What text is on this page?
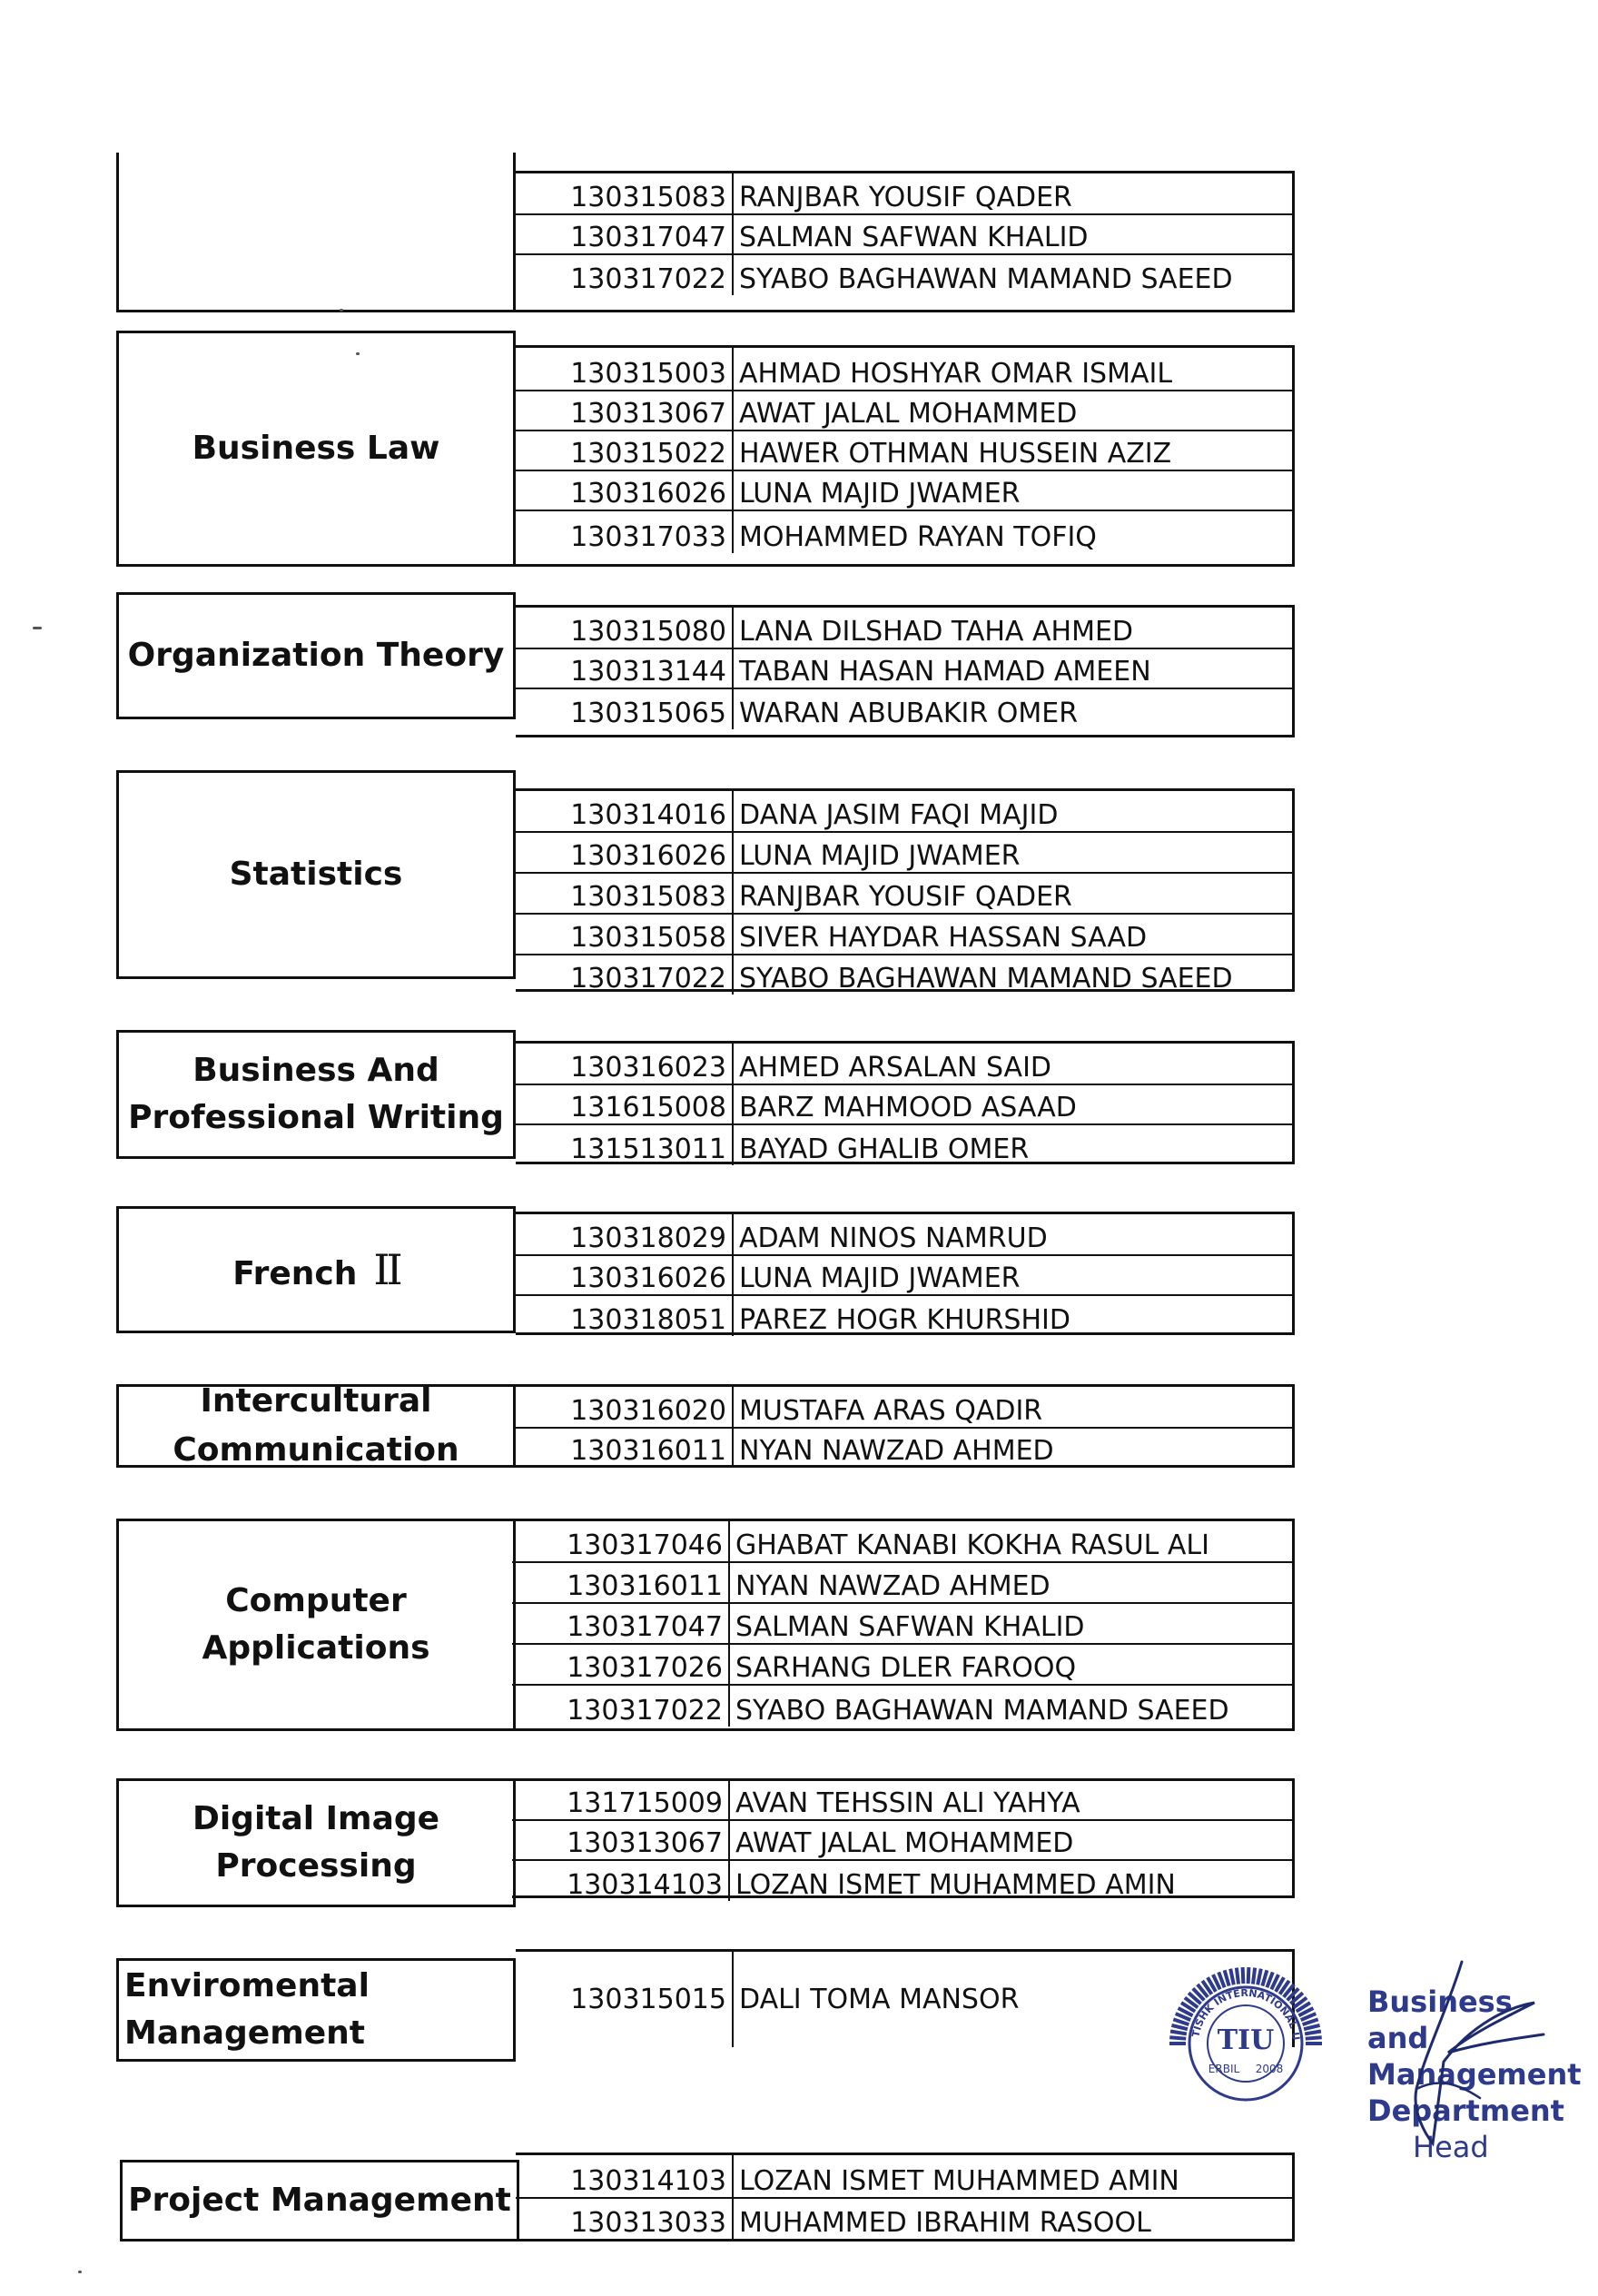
130315083 RANJBAR YOUSIF QADER
130317047 SALMAN SAFWAN KHALID
130317022 SYABO BAGHAWAN MAMAND SAEED
Business Law
130315003 AHMAD HOSHYAR OMAR ISMAIL
130313067 AWAT JALAL MOHAMMED
130315022 HAWER OTHMAN HUSSEIN AZIZ
130316026 LUNA MAJID JWAMER
130317033 MOHAMMED RAYAN TOFIQ
Organization Theory
130315080 LANA DILSHAD TAHA AHMED
130313144 TABAN HASAN HAMAD AMEEN
130315065 WARAN ABUBAKIR OMER
Statistics
130314016 DANA JASIM FAQI MAJID
130316026 LUNA MAJID JWAMER
130315083 RANJBAR YOUSIF QADER
130315058 SIVER HAYDAR HASSAN SAAD
130317022 SYABO BAGHAWAN MAMAND SAEED
Business And
Professional Writing
130316023 AHMED ARSALAN SAID
131615008 BARZ MAHMOOD ASAAD
131513011 BAYAD GHALIB OMER
French II
130318029 ADAM NINOS NAMRUD
130316026 LUNA MAJID JWAMER
130318051 PAREZ HOGR KHURSHID
Intercultural
Communication
130316020 MUSTAFA ARAS QADIR
130316011 NYAN NAWZAD AHMED
Computer Applications
130317046 GHABAT KANABI KOKHA RASUL ALI
130316011 NYAN NAWZAD AHMED
130317047 SALMAN SAFWAN KHALID
130317026 SARHANG DLER FAROOQ
130317022 SYABO BAGHAWAN MAMAND SAEED
Digital Image
Processing
131715009 AVAN TEHSSIN ALI YAHYA
130313067 AWAT JALAL MOHAMMED
130314103 LOZAN ISMET MUHAMMED AMIN
Enviromental
Management
130315015 DALI TOMA MANSOR
Project Management
130314103 LOZAN ISMET MUHAMMED AMIN
130313033 MUHAMMED IBRAHIM RASOOL
TISHK INTERNATIONAL U
TIU
ERBIL 2008
Business and
Management
Department
Head
